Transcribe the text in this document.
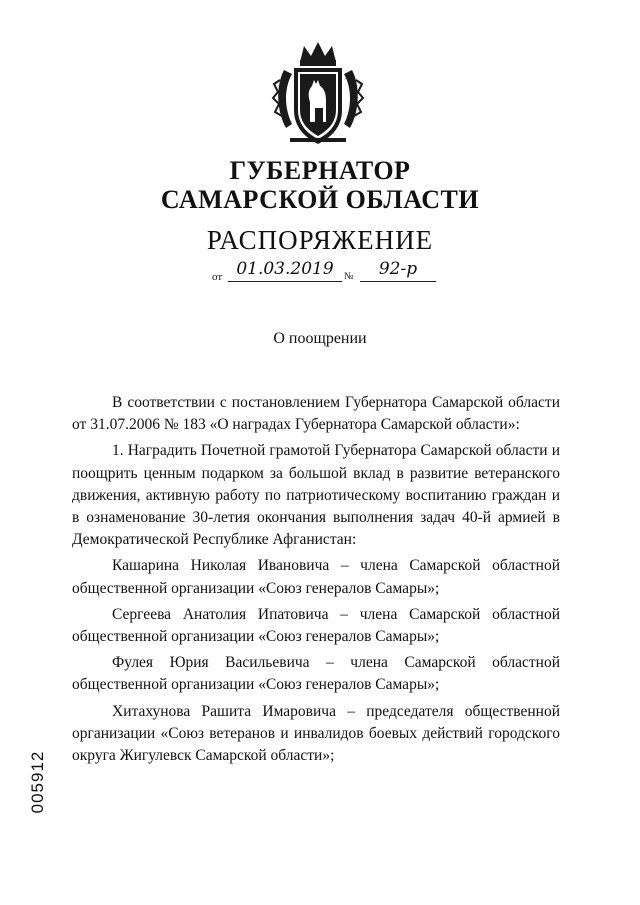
ГУБЕРНАТОР
САМАРСКОЙ ОБЛАСТИ
РАСПОРЯЖЕНИЕ
от 01.03.2019	№	92-р
О поощрении

В соответствии с постановлением Губернатора Самарской области от 31.07.2006 № 183 «О наградах Губернатора Самарской области»:

1. Наградить Почетной грамотой Губернатора Самарской области и поощрить ценным подарком за большой вклад в развитие ветеранского движения, активную работу по патриотическому воспитанию граждан и в ознаменование 30-летия окончания выполнения задач 40-й армией в Демократической Республике Афганистан:

Кашарина Николая Ивановича – члена Самарской областной общественной организации «Союз генералов Самары»;

Сергеева Анатолия Ипатовича – члена Самарской областной общественной организации «Союз генералов Самары»;

Фулея Юрия Васильевича – члена Самарской областной общественной организации «Союз генералов Самары»;

Хитахунова Рашита Имаровича – председателя общественной организации «Союз ветеранов и инвалидов боевых действий городского округа Жигулевск Самарской области»;

005912
